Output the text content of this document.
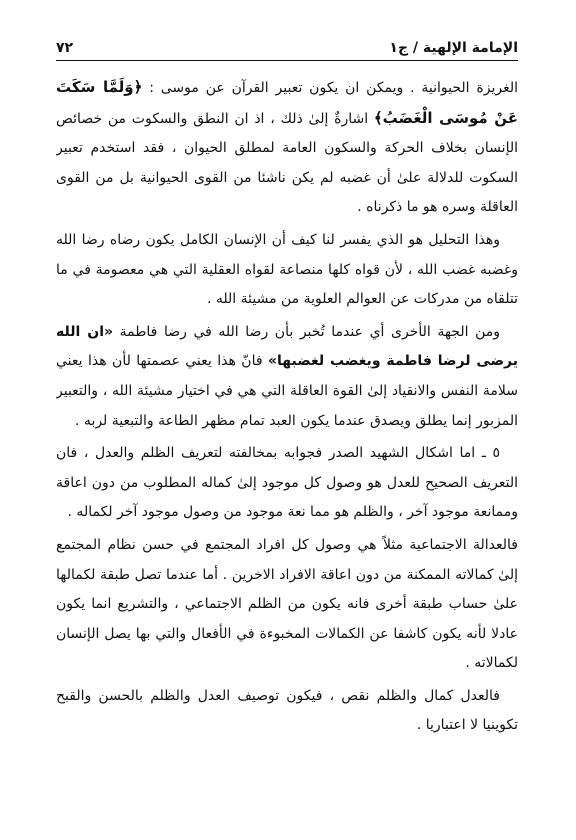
الإمامة الإلهية / ج١
٧٢

الغريزة الحيوانية . ويمكن ان يكون تعبير القرآن عن موسى : ﴿وَلَمَّا سَكَتَ عَنْ مُوسَى الْغَضَبُ﴾ اشارةٌ إلىٰ ذلك ، اذ ان النطق والسكوت من خصائص الإنسان بخلاف الحركة والسكون العامة لمطلق الحيوان ، فقد استخدم تعبير السكوت للدلالة علىٰ أن غضبه لم يكن ناشئا من القوى الحيوانية بل من القوى العاقلة وسره هو ما ذكرناه .

وهذا التحليل هو الذي يفسر لنا كيف أن الإنسان الكامل يكون رضاه رضا الله وغضبه غضب الله ، لأن قواه كلها منصاعة لقواه العقلية التي هي معصومة في ما تتلقاه من مدركات عن العوالم العلوية من مشيئة الله .

ومن الجهة الأخرى أي عندما تُخبر بأن رضا الله في رضا فاطمة «ان الله يرضى لرضا فاطمة ويغضب لغضبها» فانّ هذا يعني عصمتها لأن هذا يعني سلامة النفس والانقياد إلىٰ القوة العاقلة التي هي في اختيار مشيئة الله ، والتعبير المزبور إنما يطلق ويصدق عندما يكون العبد تمام مظهر الطاعة والتبعية لربه .

٥ ـ اما اشكال الشهيد الصدر فجوابه بمخالفته لتعريف الظلم والعدل ، فان التعريف الصحيح للعدل هو وصول كل موجود إلىٰ كماله المطلوب من دون اعاقة وممانعة موجود آخر ، والظلم هو مما نعة موجود من وصول موجود آخر لكماله .

فالعدالة الاجتماعية مثلاً هي وصول كل افراد المجتمع في حسن نظام المجتمع إلىٰ كمالاته الممكنة من دون اعاقة الافراد الاخرين . أما عندما تصل طبقة لكمالها علىٰ حساب طبقة أخرى فانه يكون من الظلم الاجتماعي ، والتشريع انما يكون عادلا لأنه يكون كاشفا عن الكمالات المخبوءة في الأفعال والتي بها يصل الإنسان لكمالاته .

فالعدل كمال والظلم نقص ، فيكون توصيف العدل والظلم بالحسن والقبح تكوينيا لا اعتباريا .
